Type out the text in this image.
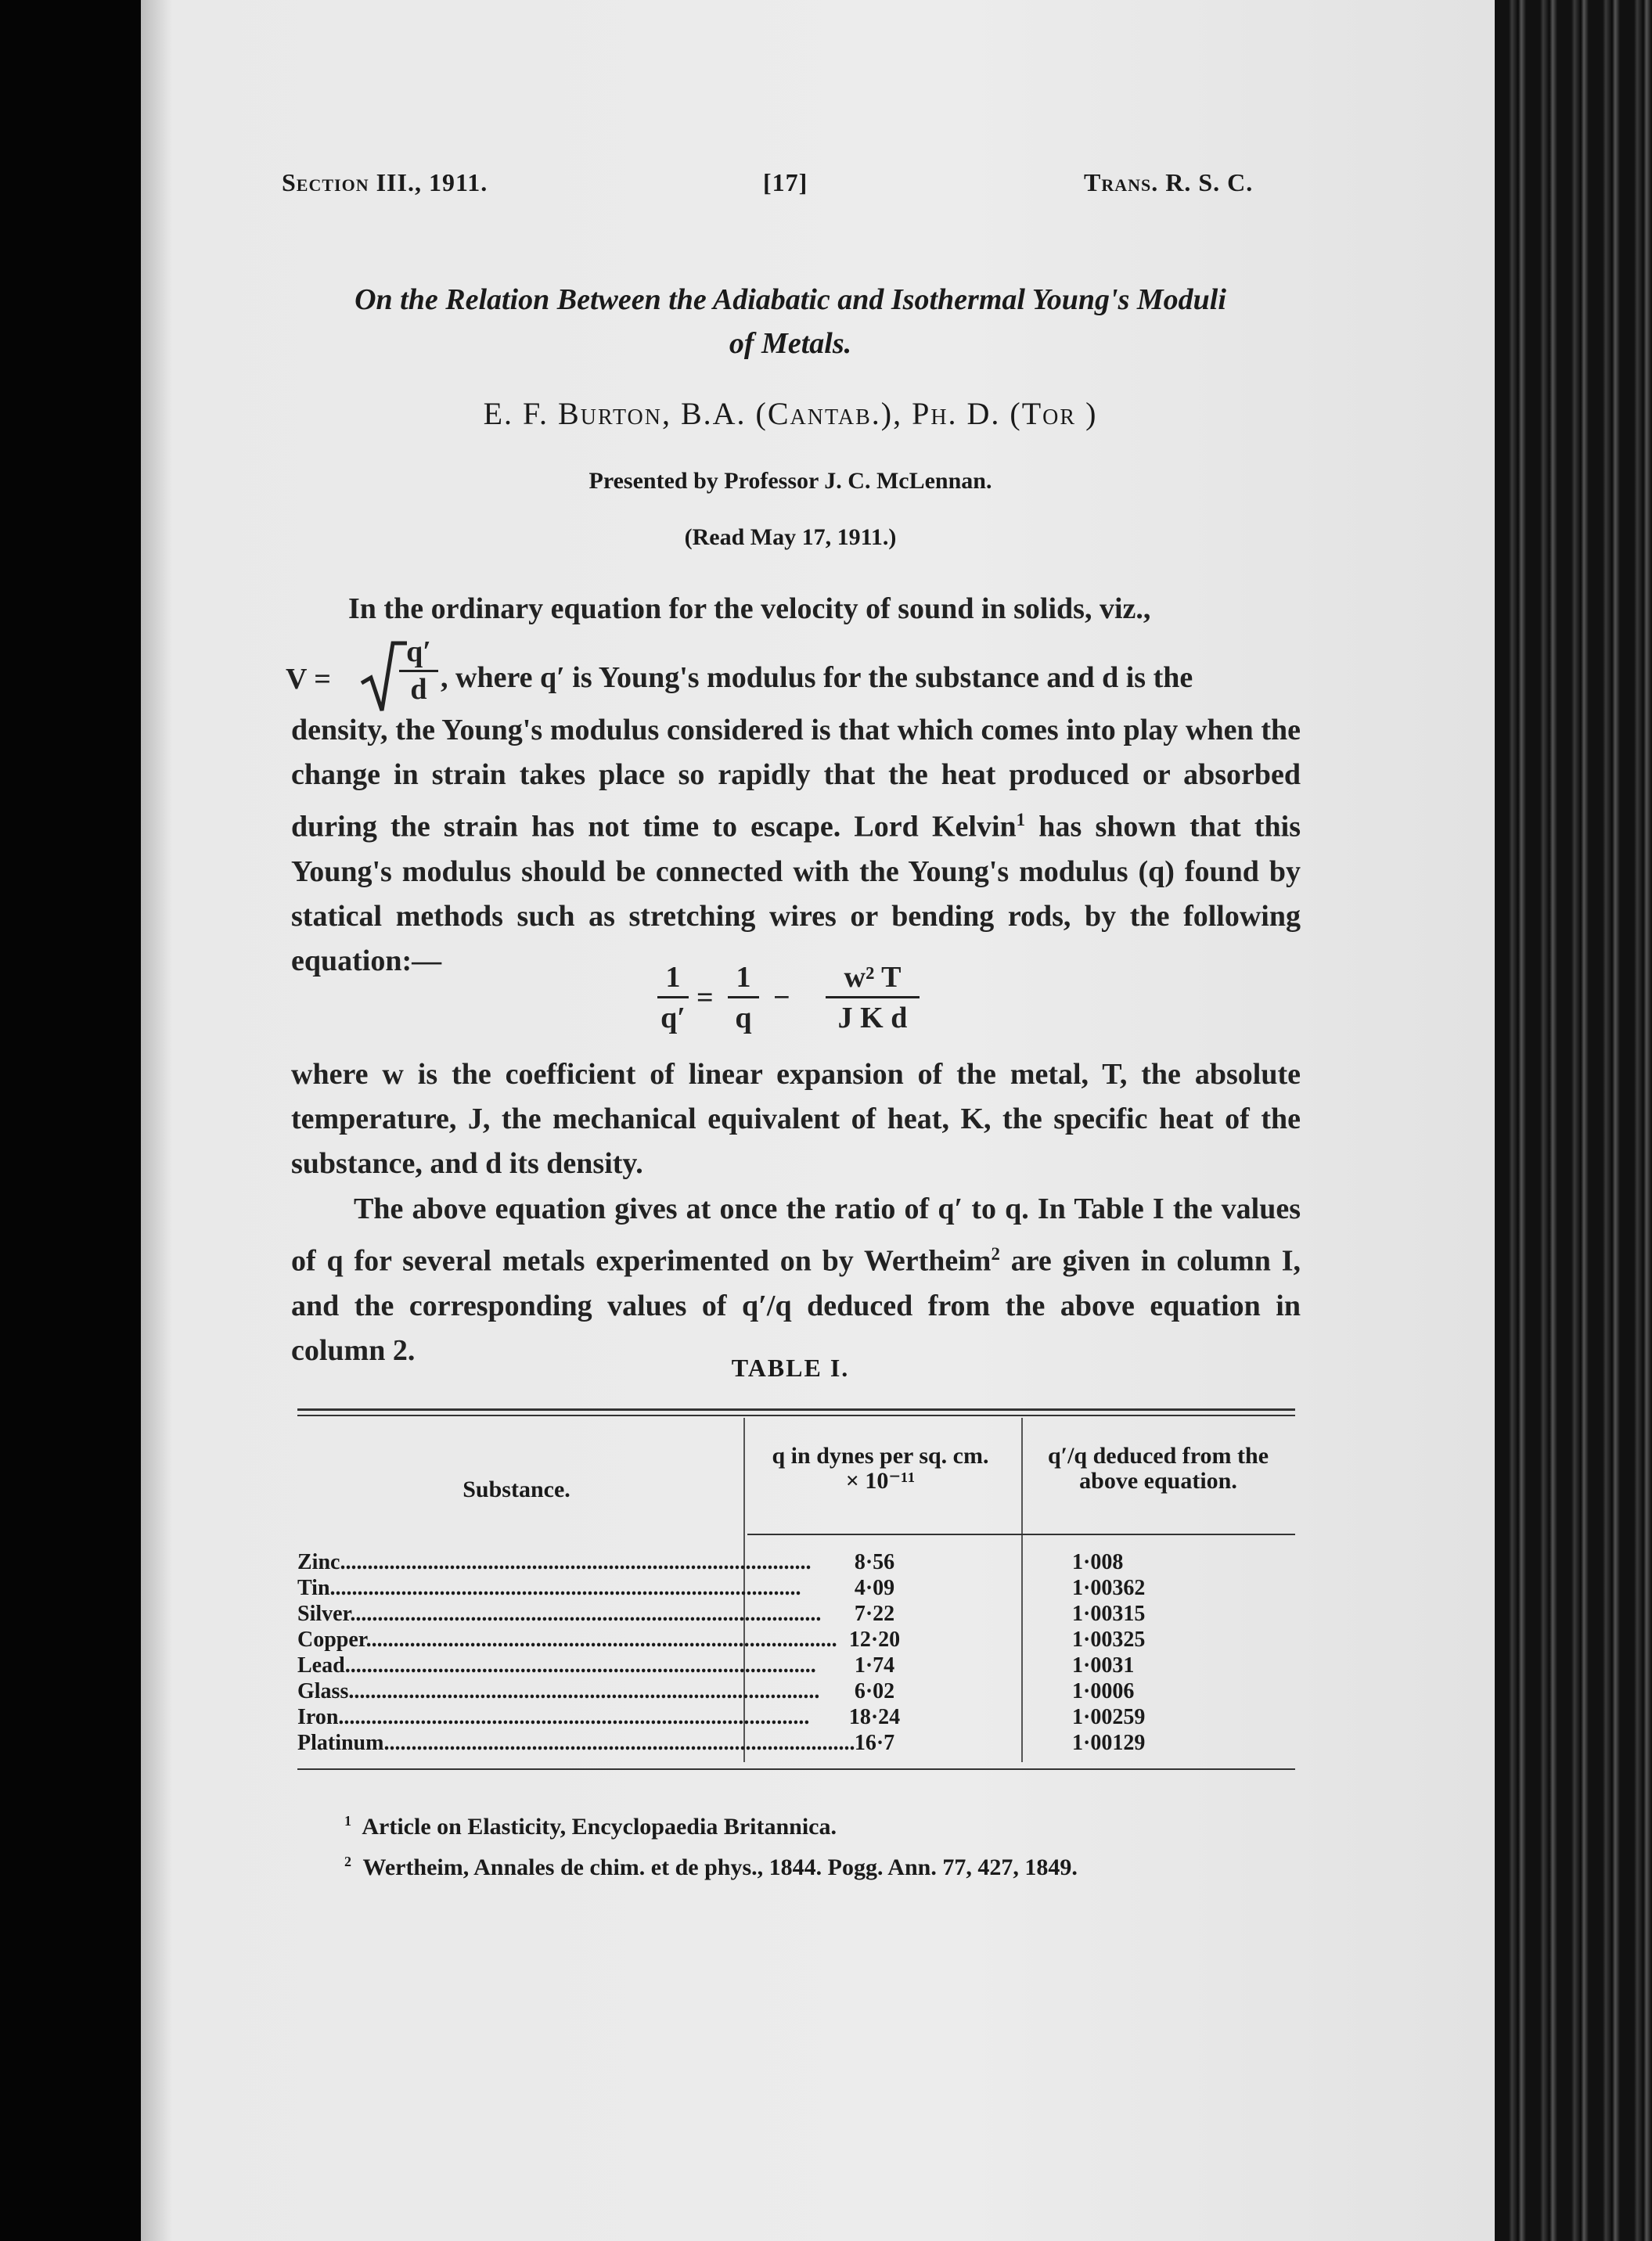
Section III., 1911.	[17]	Trans. R. S. C.
On the Relation Between the Adiabatic and Isothermal Young's Moduli
of Metals.
E. F. Burton, B.A. (Cantab.), Ph. D. (Tor )
Presented by Professor J. C. McLennan.
(Read May 17, 1911.)
In the ordinary equation for the velocity of sound in solids, viz.,
V =
q′
d , where q′ is Young's modulus for the substance and d is the
density, the Young's modulus considered is that which comes into play when the change in strain takes place so rapidly that the heat produced or absorbed during the strain has not time to escape. Lord Kelvin$^1$ has shown that this Young's modulus should be connected with the Young's modulus (q) found by statical methods such as stretching wires or bending rods, by the following equation:—
1
q′
=
1
q
−
w² T
J K d
where w is the coefficient of linear expansion of the metal, T, the absolute temperature, J, the mechanical equivalent of heat, K, the specific heat of the substance, and d its density.
The above equation gives at once the ratio of q′ to q. In Table I the values of q for several metals experimented on by Wertheim$^2$ are given in column I, and the corresponding values of q′/q deduced from the above equation in column 2.
TABLE I.
Substance.
q in dynes per sq. cm.
× 10⁻¹¹
q′/q deduced from the
above equation.
Zinc......................................................................................	8·56	1·008
Tin......................................................................................	4·09	1·00362
Silver......................................................................................	7·22	1·00315
Copper...................................................................................... 12·20	1·00325
Lead......................................................................................	1·74	1·0031
Glass......................................................................................	6·02	1·0006
Iron......................................................................................	18·24	1·00259
Platinum...................................................................................... 16·7	1·00129
$^1$ Article on Elasticity, Encyclopaedia Britannica.
$^2$ Wertheim, Annales de chim. et de phys., 1844. Pogg. Ann. 77, 427, 1849.
